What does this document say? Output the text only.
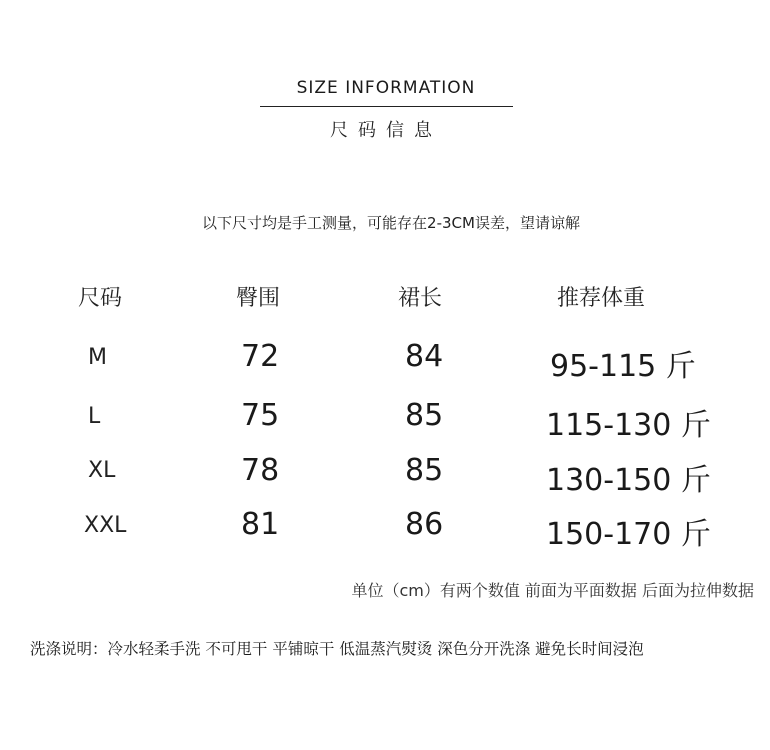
SIZE INFORMATION
尺码信息
以下尺寸均是手工测量，可能存在2-3CM误差，望请谅解
尺码	臀围	裙长	推荐体重
M	72	84	95-115 斤
L	75	85	115-130 斤
XL	78	85	130-150 斤
XXL	81	86	150-170 斤
单位（cm）有两个数值 前面为平面数据 后面为拉伸数据
洗涤说明：冷水轻柔手洗 不可甩干 平铺晾干 低温蒸汽熨烫 深色分开洗涤 避免长时间浸泡
